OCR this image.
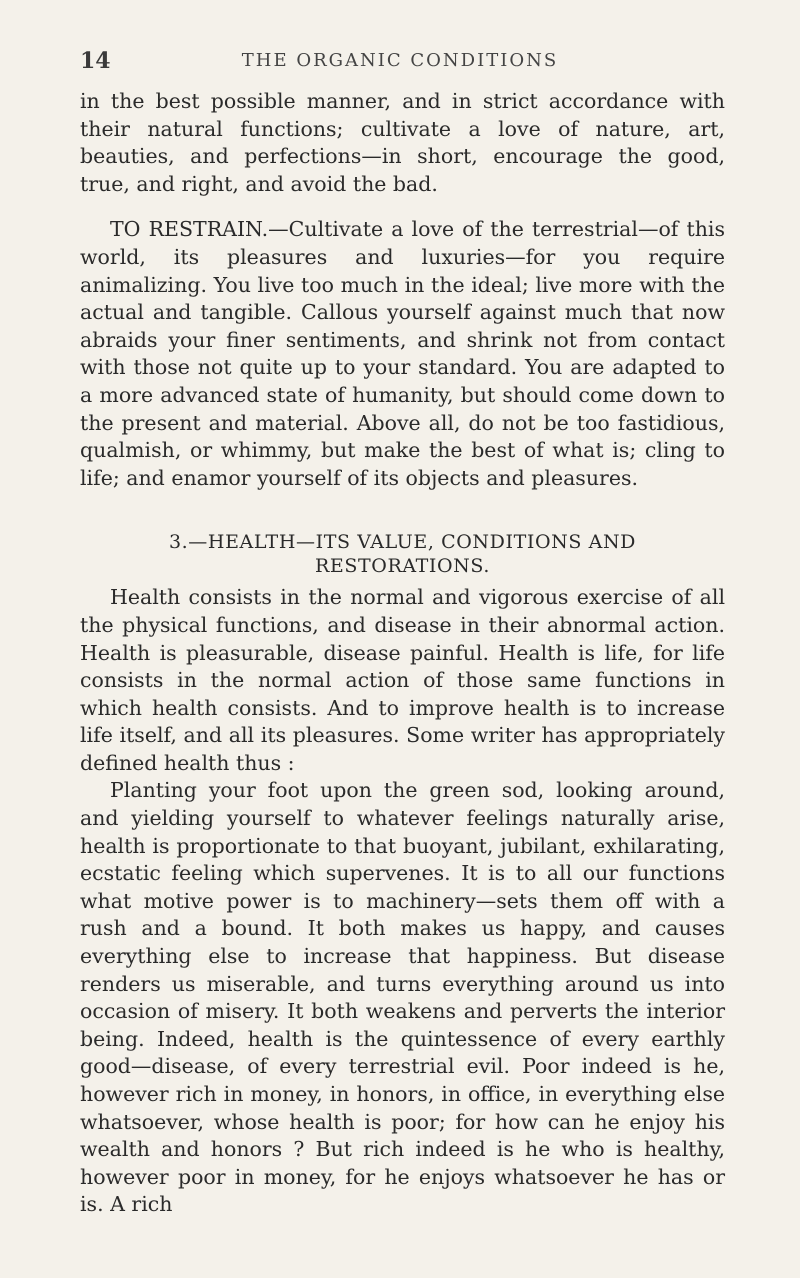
14	THE ORGANIC CONDITIONS

in the best possible manner, and in strict accordance with their natural functions; cultivate a love of nature, art, beauties, and perfections—in short, encourage the good, true, and right, and avoid the bad.

TO RESTRAIN.—Cultivate a love of the terrestrial—of this world, its pleasures and luxuries—for you require animalizing. You live too much in the ideal; live more with the actual and tangible. Callous yourself against much that now abraids your finer sentiments, and shrink not from contact with those not quite up to your standard. You are adapted to a more advanced state of humanity, but should come down to the present and material. Above all, do not be too fastidious, qualmish, or whimmy, but make the best of what is; cling to life; and enamor yourself of its objects and pleasures.

3.—HEALTH—ITS VALUE, CONDITIONS AND RESTORATIONS.

Health consists in the normal and vigorous exercise of all the physical functions, and disease in their abnormal action. Health is pleasurable, disease painful. Health is life, for life consists in the normal action of those same functions in which health consists. And to improve health is to increase life itself, and all its pleasures. Some writer has appropriately defined health thus :

Planting your foot upon the green sod, looking around, and yielding yourself to whatever feelings naturally arise, health is proportionate to that buoyant, jubilant, exhilarating, ecstatic feeling which supervenes. It is to all our functions what motive power is to machinery—sets them off with a rush and a bound. It both makes us happy, and causes everything else to increase that happiness. But disease renders us miserable, and turns everything around us into occasion of misery. It both weakens and perverts the interior being. Indeed, health is the quintessence of every earthly good—disease, of every terrestrial evil. Poor indeed is he, however rich in money, in honors, in office, in everything else whatsoever, whose health is poor; for how can he enjoy his wealth and honors ? But rich indeed is he who is healthy, however poor in money, for he enjoys whatsoever he has or is. A rich
